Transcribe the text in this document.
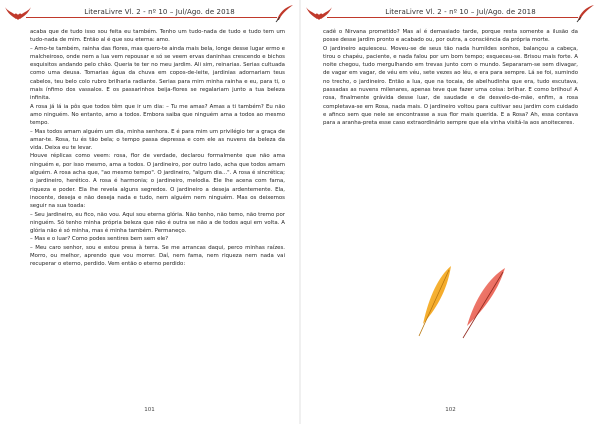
LiteraLivre Vl. 2 - nº 10 – Jul/Ago. de 2018

acaba que de tudo isso sou feita eu também. Tenho um tudo-nada de tudo e tudo tem um tudo-nada de mim. Então al é que sou eterna: amo.

– Amo-te também, rainha das flores, mas quero-te ainda mais bela, longe desse lugar ermo e malcheiroso, onde nem a lua vem repousar e só se veem ervas daninhas crescendo e bichos esquisitos andando pelo chão. Queria te ter no meu jardim. Ali sim, reinarias. Serias cultuada como uma deusa. Tomarias água da chuva em copos-de-leite, jardinias adornariam teus cabelos, teu belo colo rubro brilharia radiante. Serias para mim minha rainha e eu, para ti, o mais ínfimo dos vassalos. E os passarinhos beija-flores se regalariam junto a tua beleza infinita.

A rosa já lá ia pôs que todos têm que ir um dia: – Tu me amas? Amas a ti também? Eu não amo ninguém. No entanto, amo a todos. Embora saiba que ninguém ama a todos ao mesmo tempo.

– Mas todos amam alguém um dia, minha senhora. E é para mim um privilégio ter a graça de amar-te. Rosa, tu és tão bela; o tempo passa depressa e com ele as nuvens da beleza da vida. Deixa eu te levar.

Houve réplicas como veem: rosa, flor de verdade, declarou formalmente que não ama ninguém e, por isso mesmo, ama a todos. O jardineiro, por outro lado, acha que todos amam alguém. A rosa acha que, "ao mesmo tempo". O jardineiro, "algum dia...". A rosa é sincrética; o jardineiro, herético. A rosa é harmonia; o jardineiro, melodia. Ele lhe acena com fama, riqueza e poder. Ela lhe revela alguns segredos. O jardineiro a deseja ardentemente. Ela, inocente, deseja e não deseja nada e tudo, nem alguém nem ninguém. Mas os deixemos seguir na sua toada:

– Seu jardineiro, eu fico, não vou. Aqui sou eterna glória. Não tenho, não temo, não tremo por ninguém. Só tenho minha própria beleza que não é outra se não a de todos aqui em volta. A glória não é só minha, mas é minha também. Permaneço.

– Mas e o luar? Como podes sentires bem sem ele?

– Meu caro senhor, sou e estou presa à terra. Se me arrancas daqui, perco minhas raízes. Morro, ou melhor, aprendo que vou morrer. Daí, nem fama, nem riqueza nem nada vai recuperar o eterno, perdido. Vem então o eterno perdido:

101
LiteraLivre Vl. 2 - nº 10 – Jul/Ago. de 2018

cadê o Nirvana prometido? Mas aí é demasiado tarde, porque resta somente a ilusão da posse desse jardim pronto e acabado ou, por outra, a consciência da própria morte.

O jardineiro aquiesceu. Moveu-se de seus tão nada humildes sonhos, balançou a cabeça, tirou o chapéu, paciente, e nada falou por um bom tempo; esqueceu-se. Brisou mais forte. A noite chegou, tudo mergulhando em trevas junto com o mundo. Separaram-se sem divagar, de vagar em vagar, de véu em véu, sete vezes ao léu, e era para sempre. Lá se foi, sumindo no trecho, o jardineiro. Então a lua, que na tocaia, de abelhudinha que era, tudo escutava, passadas as nuvens milenares, apenas teve que fazer uma coisa: brilhar. E como brilhou! A rosa, finalmente grávida desse luar, de saudade e de desvelo-de-mãe, enfim, a rosa completava-se em Rosa, nada mais. O jardineiro voltou para cultivar seu jardim com cuidado e afinco sem que nele se encontrasse a sua flor mais querida. E a Rosa? Ah, essa contava para a aranha-preta esse caso extraordinário sempre que ela vinha visitá-la aos anoiteceres.

102
